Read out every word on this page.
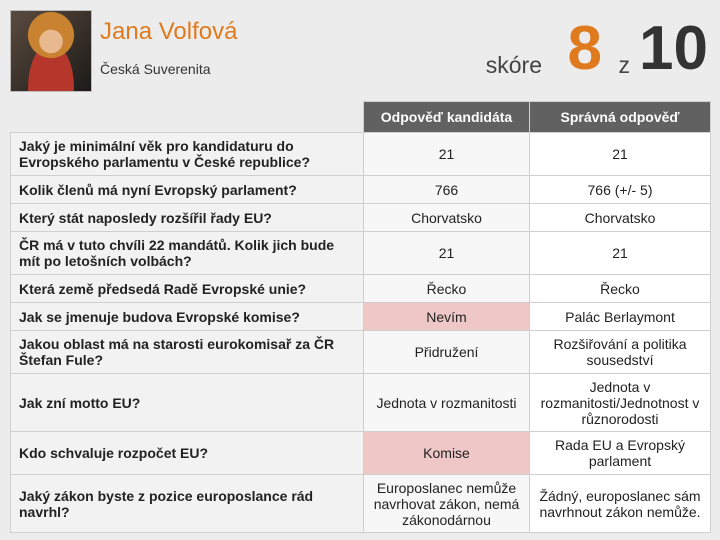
Jana Volfová
Česká Suverenita	skóre 8 z 10
	Odpověď kandidáta	Správná odpověď
Jaký je minimální věk pro kandidaturu do Evropského parlamentu v České republice?	21	21
Kolik členů má nyní Evropský parlament?	766	766 (+/- 5)
Který stát naposledy rozšířil řady EU?	Chorvatsko	Chorvatsko
ČR má v tuto chvíli 22 mandátů. Kolik jich bude mít po letošních volbách?	21	21
Která země předsedá Radě Evropské unie?	Řecko	Řecko
Jak se jmenuje budova Evropské komise?	Nevím	Palác Berlaymont
Jakou oblast má na starosti eurokomisař za ČR Štefan Fule?	Přidružení	Rozšiřování a politika sousedství
Jak zní motto EU?	Jednota v rozmanitosti	Jednota v rozmanitosti/Jednotnost v různorodosti
Kdo schvaluje rozpočet EU?	Komise	Rada EU a Evropský parlament
Jaký zákon byste z pozice europoslance rád navrhl?	Europoslanec nemůže navrhovat zákon, nemá zákonodárnou	Žádný, europoslanec sám navrhnout zákon nemůže.
